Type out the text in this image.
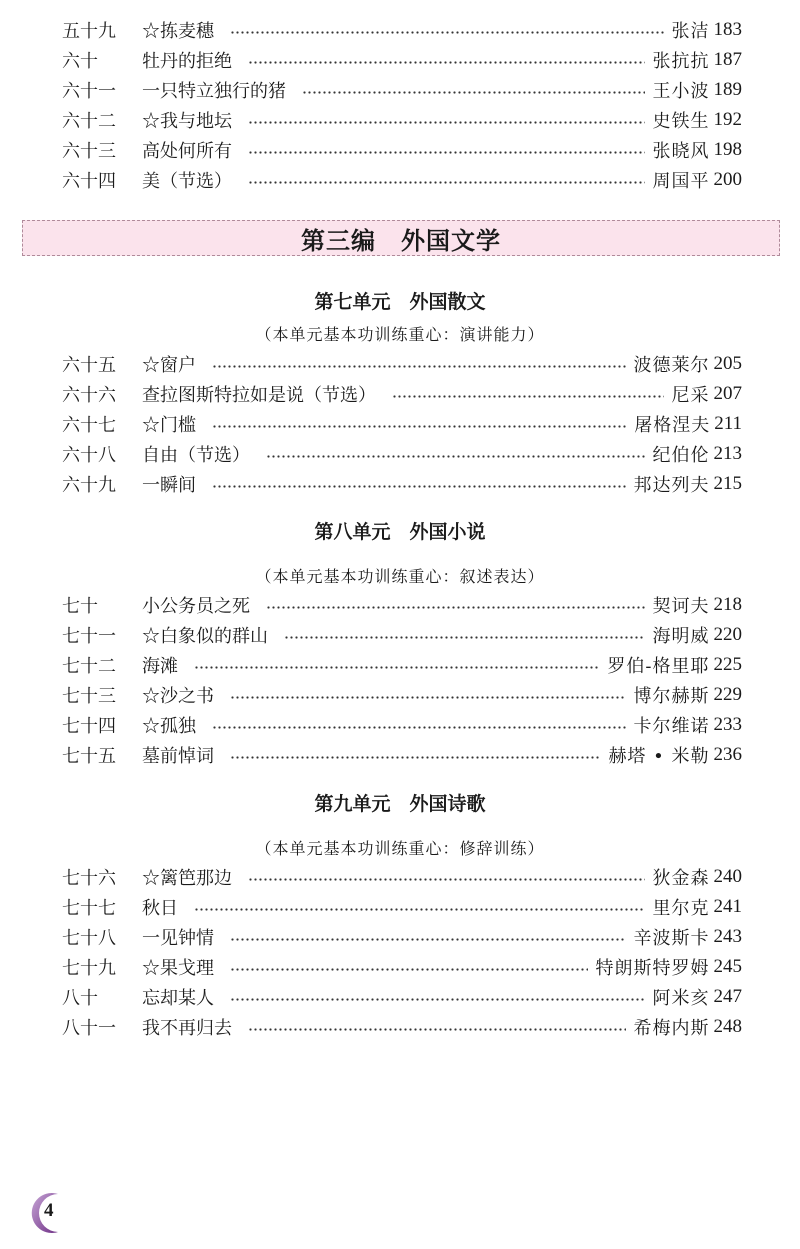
五十九	☆拣麦穗	张洁 183
六十	牡丹的拒绝	张抗抗 187
六十一	一只特立独行的猪	王小波 189
六十二	☆我与地坛	史铁生 192
六十三	高处何所有	张晓风 198
六十四	美（节选）	周国平 200
第三编　外国文学
第七单元　外国散文
（本单元基本功训练重心：演讲能力）
六十五	☆窗户	波德莱尔 205
六十六	查拉图斯特拉如是说（节选）	尼采 207
六十七	☆门槛	屠格涅夫 211
六十八	自由（节选）	纪伯伦 213
六十九	一瞬间	邦达列夫 215
第八单元　外国小说
（本单元基本功训练重心：叙述表达）
七十	小公务员之死	契诃夫 218
七十一	☆白象似的群山	海明威 220
七十二	海滩	罗伯-格里耶 225
七十三	☆沙之书	博尔赫斯 229
七十四	☆孤独	卡尔维诺 233
七十五	墓前悼词	赫塔 • 米勒 236
第九单元　外国诗歌
（本单元基本功训练重心：修辞训练）
七十六	☆篱笆那边	狄金森 240
七十七	秋日	里尔克 241
七十八	一见钟情	辛波斯卡 243
七十九	☆果戈理	特朗斯特罗姆 245
八十	忘却某人	阿米亥 247
八十一	我不再归去	希梅内斯 248
4
